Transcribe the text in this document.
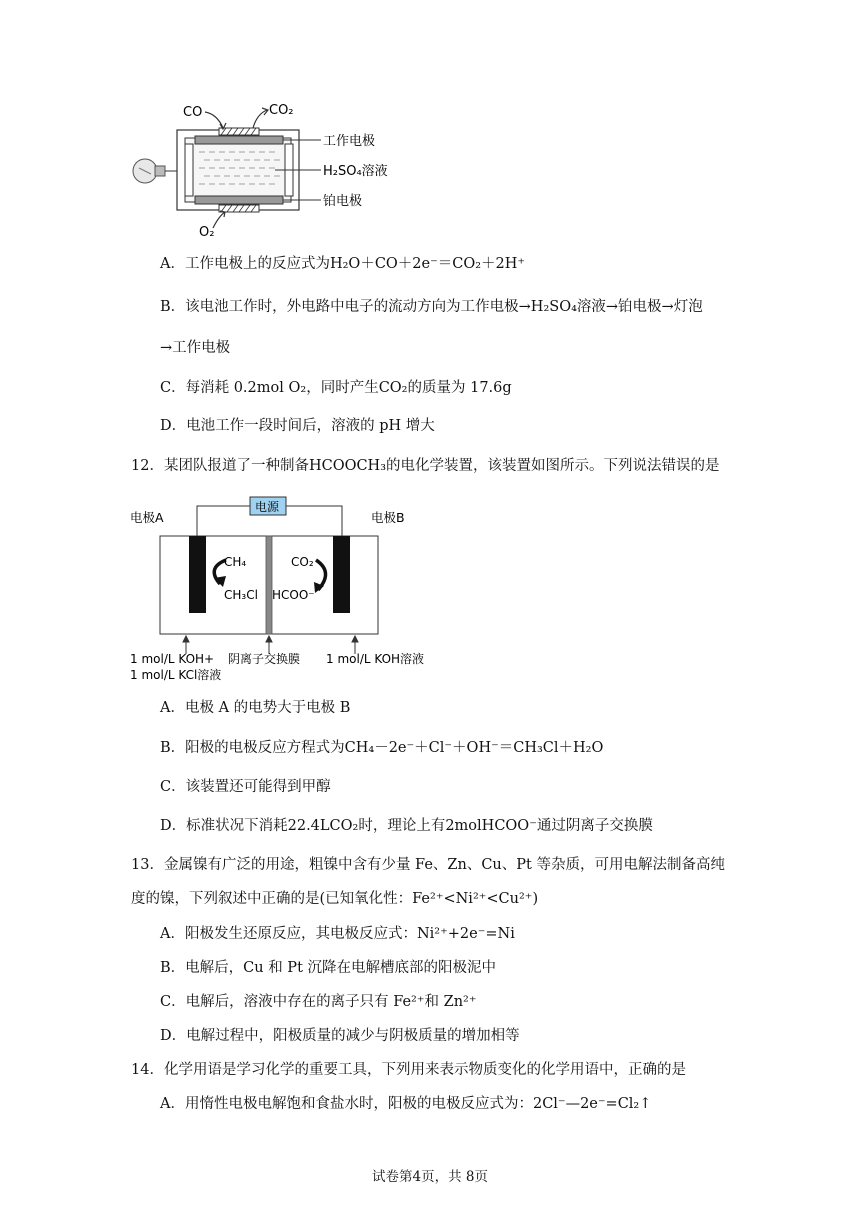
CO	CO₂
O₂
工作电极
H₂SO₄溶液
铂电极
A．工作电极上的反应式为H₂O＋CO＋2e⁻＝CO₂＋2H⁺
B．该电池工作时，外电路中电子的流动方向为工作电极→H₂SO₄溶液→铂电极→灯泡
→工作电极
C．每消耗 0.2mol O₂，同时产生CO₂的质量为 17.6g
D．电池工作一段时间后，溶液的 pH 增大
12．某团队报道了一种制备HCOOCH₃的电化学装置，该装置如图所示。下列说法错误的是
电源
电极A	电极B
CH₄
CH₃Cl
CO₂
HCOO⁻
1 mol/L KOH+
1 mol/L KCl溶液
阴离子交换膜 1 mol/L KOH溶液
A．电极 A 的电势大于电极 B
B．阳极的电极反应方程式为CH₄－2e⁻＋Cl⁻＋OH⁻＝CH₃Cl＋H₂O
C．该装置还可能得到甲醇
D．标准状况下消耗22.4LCO₂时，理论上有2molHCOO⁻通过阴离子交换膜
13．金属镍有广泛的用途，粗镍中含有少量 Fe、Zn、Cu、Pt 等杂质，可用电解法制备高纯
度的镍，下列叙述中正确的是(已知氧化性：Fe²⁺<Ni²⁺<Cu²⁺)
A．阳极发生还原反应，其电极反应式：Ni²⁺+2e⁻=Ni
B．电解后，Cu 和 Pt 沉降在电解槽底部的阳极泥中
C．电解后，溶液中存在的离子只有 Fe²⁺和 Zn²⁺
D．电解过程中，阳极质量的减少与阴极质量的增加相等
14．化学用语是学习化学的重要工具，下列用来表示物质变化的化学用语中，正确的是
A．用惰性电极电解饱和食盐水时，阳极的电极反应式为：2Cl⁻—2e⁻=Cl₂↑
试卷第4页，共 8页
